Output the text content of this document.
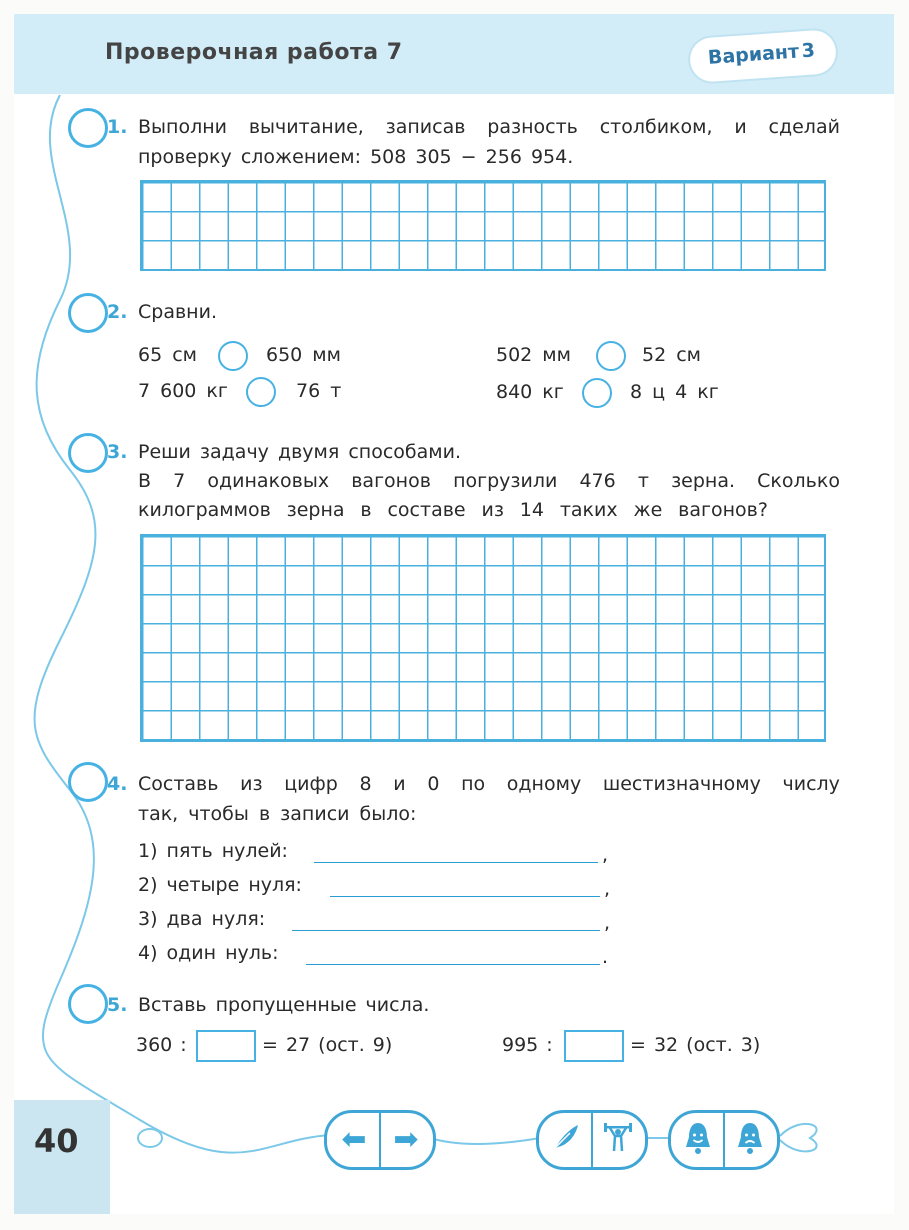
Проверочная работа 7	Вариант 3
40
1. Выполни вычитание, записав разность столбиком, и сделай
проверку сложением: 508 305 − 256 954.
2. Сравни.
65 см	650 мм	502 мм	52 см
7 600 кг	76 т	840 кг	8 ц 4 кг
3. Реши задачу двумя способами.
В 7 одинаковых вагонов погрузили 476 т зерна. Сколько
килограммов зерна в составе из 14 таких же вагонов?
4. Составь из цифр 8 и 0 по одному шестизначному числу
так, чтобы в записи было:
1) пять нулей:	,
2) четыре нуля:	,
3) два нуля:	,
4) один нуль:	.
5. Вставь пропущенные числа.
360 :	= 27 (ост. 9)	995 :	= 32 (ост. 3)
⬅ ➡
